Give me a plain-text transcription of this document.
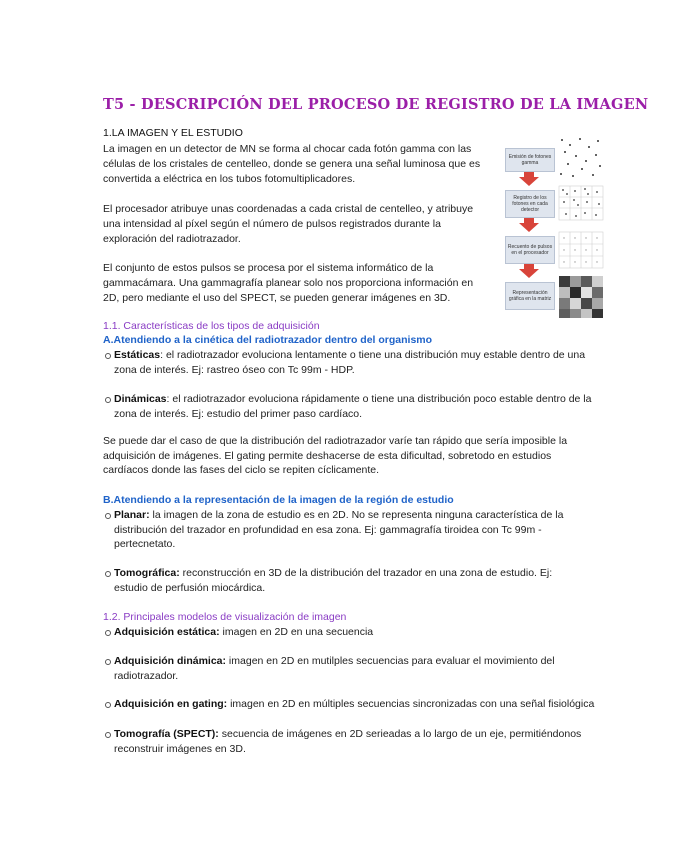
T5 - DESCRIPCIÓN DEL PROCESO DE REGISTRO DE LA IMAGEN
1.LA IMAGEN Y EL ESTUDIO
La imagen en un detector de MN se forma al chocar cada fotón gamma con las células de los cristales de centelleo, donde se genera una señal luminosa que es convertida a eléctrica en los tubos fotomultiplicadores.
El procesador atribuye unas coordenadas a cada cristal de centelleo, y atribuye una intensidad al píxel según el número de pulsos registrados durante la exploración del radiotrazador.
El conjunto de estos pulsos se procesa por el sistema informático de la gammacámara. Una gammagrafía planear solo nos proporciona información en 2D, pero mediante el uso del SPECT, se pueden generar imágenes en 3D.
Emisión de fotones gamma
Registro de los fotones en cada detector
Recuento de pulsos en el procesador
Representación gráfica en la matriz
1.1. Características de los tipos de adquisición
A.Atendiendo a la cinética del radiotrazador dentro del organismo
Estáticas: el radiotrazador evoluciona lentamente o tiene una distribución muy estable dentro de una zona de interés. Ej: rastreo óseo con Tc 99m - HDP.
Dinámicas: el radiotrazador evoluciona rápidamente o tiene una distribución poco estable dentro de la zona de interés. Ej: estudio del primer paso cardíaco.
Se puede dar el caso de que la distribución del radiotrazador varíe tan rápido que sería imposible la adquisición de imágenes. El gating permite deshacerse de esta dificultad, sobretodo en estudios cardíacos donde las fases del ciclo se repiten cíclicamente.
B.Atendiendo a la representación de la imagen de la región de estudio
Planar: la imagen de la zona de estudio es en 2D. No se representa ninguna característica de la distribución del trazador en profundidad en esa zona. Ej: gammagrafía tiroidea con Tc 99m - pertecnetato.
Tomográfica: reconstrucción en 3D de la distribución del trazador en una zona de estudio. Ej: estudio de perfusión miocárdica.
1.2. Principales modelos de visualización de imagen
Adquisición estática: imagen en 2D en una secuencia
Adquisición dinámica: imagen en 2D en mutilples secuencias para evaluar el movimiento del radiotrazador.
Adquisición en gating: imagen en 2D en múltiples secuencias sincronizadas con una señal fisiológica
Tomografía (SPECT): secuencia de imágenes en 2D serieadas a lo largo de un eje, permitiéndonos reconstruir imágenes en 3D.
